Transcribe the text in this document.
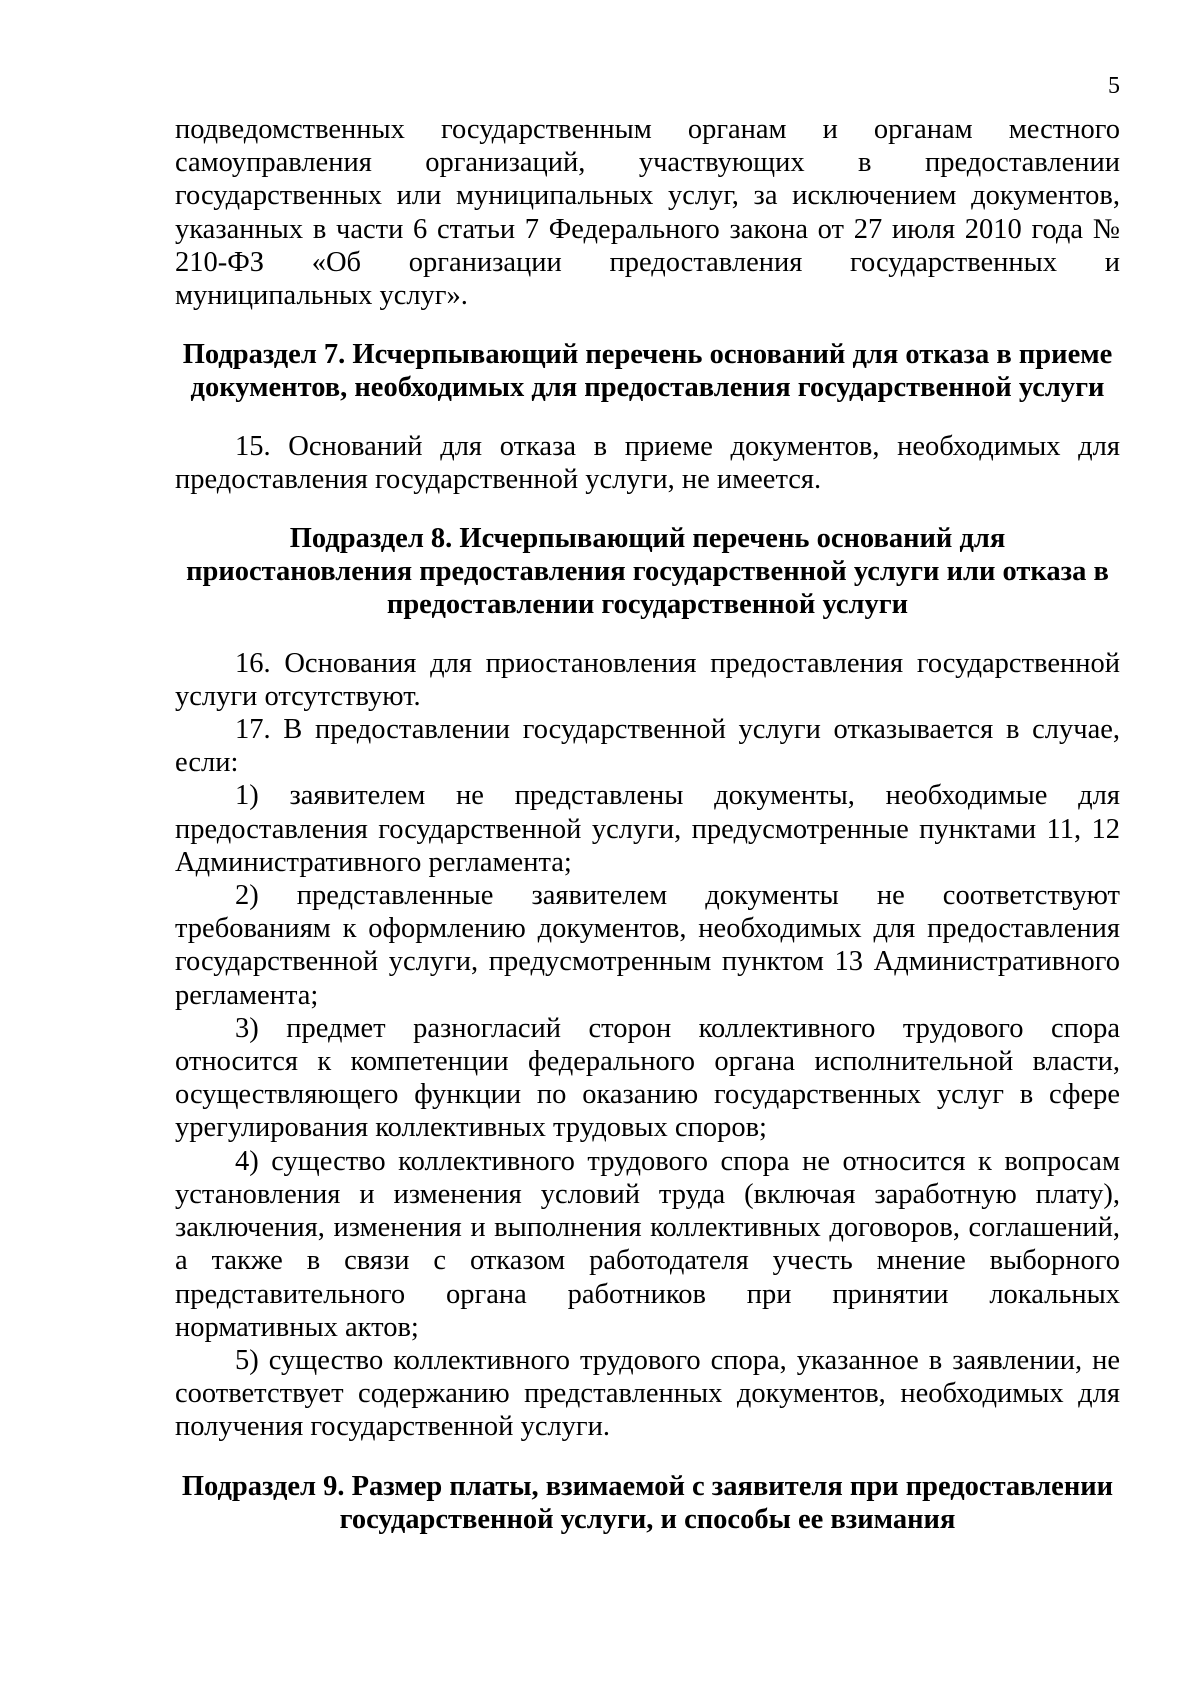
5

подведомственных государственным органам и органам местного самоуправления организаций, участвующих в предоставлении государственных или муниципальных услуг, за исключением документов, указанных в части 6 статьи 7 Федерального закона от 27 июля 2010 года № 210-ФЗ «Об организации предоставления государственных и муниципальных услуг».

Подраздел 7. Исчерпывающий перечень оснований для отказа в приеме документов, необходимых для предоставления государственной услуги

15. Оснований для отказа в приеме документов, необходимых для предоставления государственной услуги, не имеется.

Подраздел 8. Исчерпывающий перечень оснований для приостановления предоставления государственной услуги или отказа в предоставлении государственной услуги

16. Основания для приостановления предоставления государственной услуги отсутствуют.

17. В предоставлении государственной услуги отказывается в случае, если:

1) заявителем не представлены документы, необходимые для предоставления государственной услуги, предусмотренные пунктами 11, 12 Административного регламента;

2) представленные заявителем документы не соответствуют требованиям к оформлению документов, необходимых для предоставления государственной услуги, предусмотренным пунктом 13 Административного регламента;

3) предмет разногласий сторон коллективного трудового спора относится к компетенции федерального органа исполнительной власти, осуществляющего функции по оказанию государственных услуг в сфере урегулирования коллективных трудовых споров;

4) существо коллективного трудового спора не относится к вопросам установления и изменения условий труда (включая заработную плату), заключения, изменения и выполнения коллективных договоров, соглашений, а также в связи с отказом работодателя учесть мнение выборного представительного органа работников при принятии локальных нормативных актов;

5) существо коллективного трудового спора, указанное в заявлении, не соответствует содержанию представленных документов, необходимых для получения государственной услуги.

Подраздел 9. Размер платы, взимаемой с заявителя при предоставлении государственной услуги, и способы ее взимания
